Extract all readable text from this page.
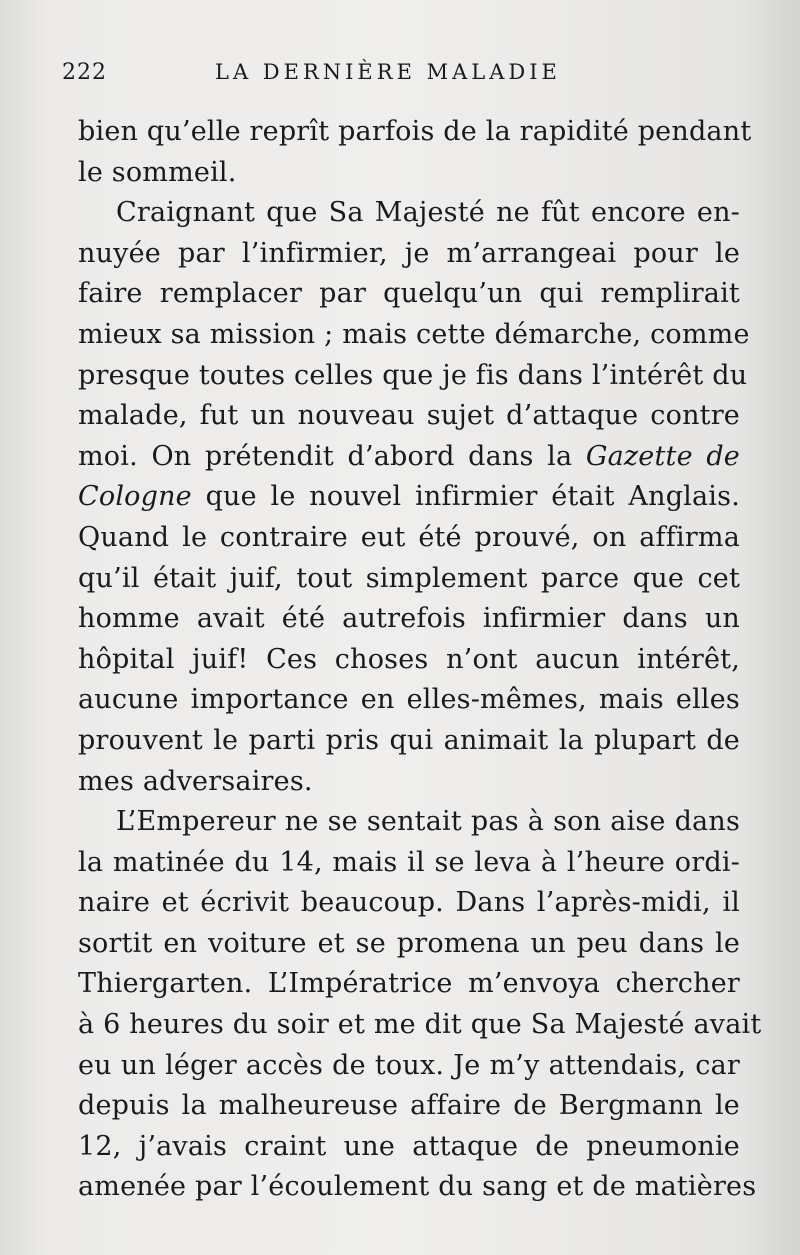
222	LA DERNIÈRE MALADIE
bien qu’elle reprît parfois de la rapidité pendant
le sommeil.
Craignant que Sa Majesté ne fût encore en-
nuyée par l’infirmier, je m’arrangeai pour le
faire remplacer par quelqu’un qui remplirait
mieux sa mission ; mais cette démarche, comme
presque toutes celles que je fis dans l’intérêt du
malade, fut un nouveau sujet d’attaque contre
moi. On prétendit d’abord dans la Gazette de
Cologne que le nouvel infirmier était Anglais.
Quand le contraire eut été prouvé, on affirma
qu’il était juif, tout simplement parce que cet
homme avait été autrefois infirmier dans un
hôpital juif! Ces choses n’ont aucun intérêt,
aucune importance en elles-mêmes, mais elles
prouvent le parti pris qui animait la plupart de
mes adversaires.
L’Empereur ne se sentait pas à son aise dans
la matinée du 14, mais il se leva à l’heure ordi-
naire et écrivit beaucoup. Dans l’après-midi, il
sortit en voiture et se promena un peu dans le
Thiergarten. L’Impératrice m’envoya chercher
à 6 heures du soir et me dit que Sa Majesté avait
eu un léger accès de toux. Je m’y attendais, car
depuis la malheureuse affaire de Bergmann le
12, j’avais craint une attaque de pneumonie
amenée par l’écoulement du sang et de matières
